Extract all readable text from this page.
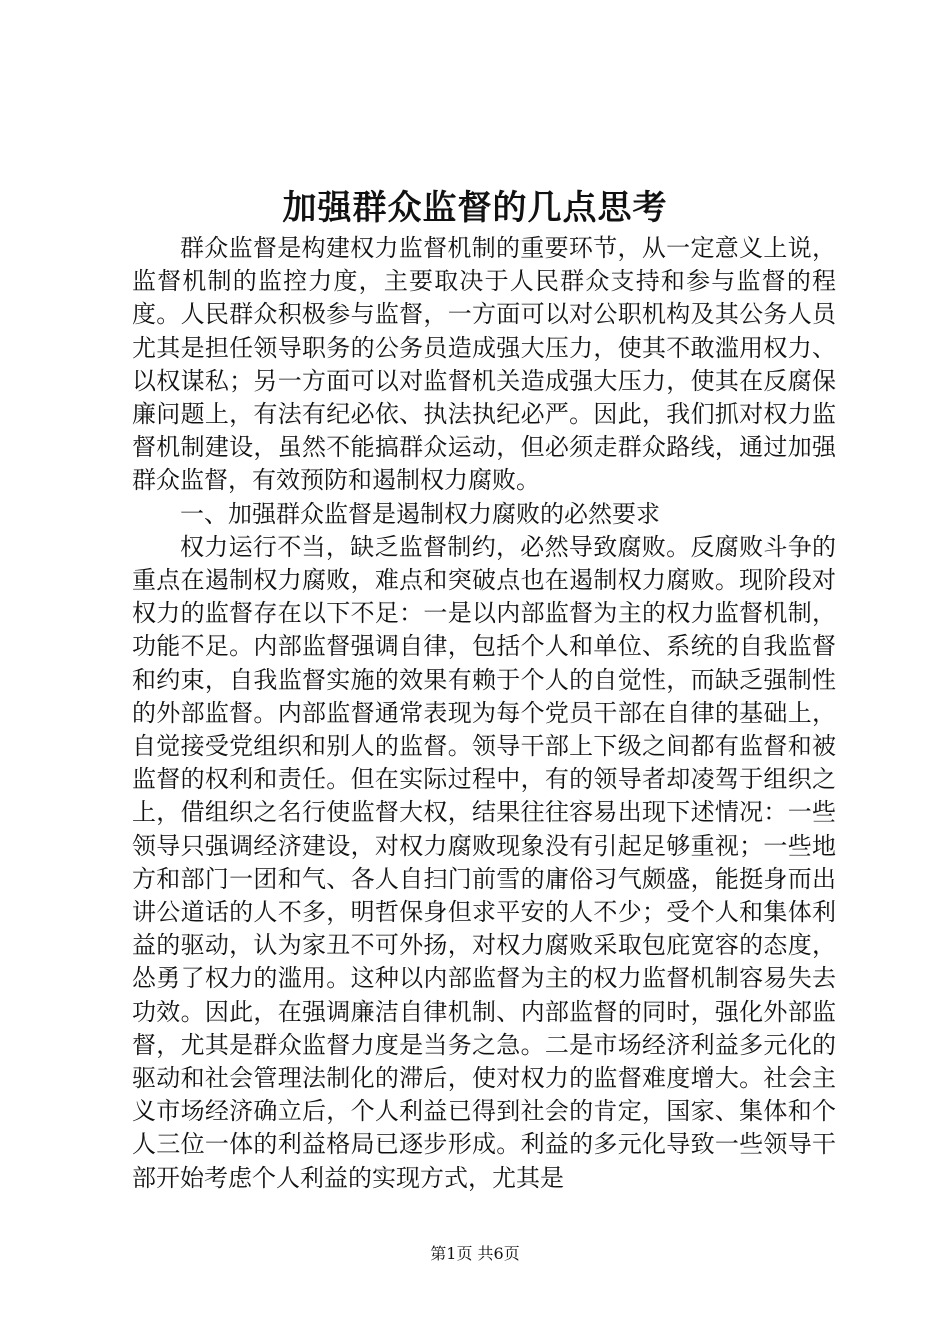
加强群众监督的几点思考

群众监督是构建权力监督机制的重要环节，从一定意义上说，监督机制的监控力度，主要取决于人民群众支持和参与监督的程度。人民群众积极参与监督，一方面可以对公职机构及其公务人员尤其是担任领导职务的公务员造成强大压力，使其不敢滥用权力、以权谋私；另一方面可以对监督机关造成强大压力，使其在反腐保廉问题上，有法有纪必依、执法执纪必严。因此，我们抓对权力监督机制建设，虽然不能搞群众运动，但必须走群众路线，通过加强群众监督，有效预防和遏制权力腐败。

一、加强群众监督是遏制权力腐败的必然要求

权力运行不当，缺乏监督制约，必然导致腐败。反腐败斗争的重点在遏制权力腐败，难点和突破点也在遏制权力腐败。现阶段对权力的监督存在以下不足：一是以内部监督为主的权力监督机制，功能不足。内部监督强调自律，包括个人和单位、系统的自我监督和约束，自我监督实施的效果有赖于个人的自觉性，而缺乏强制性的外部监督。内部监督通常表现为每个党员干部在自律的基础上，自觉接受党组织和别人的监督。领导干部上下级之间都有监督和被监督的权利和责任。但在实际过程中，有的领导者却凌驾于组织之上，借组织之名行使监督大权，结果往往容易出现下述情况：一些领导只强调经济建设，对权力腐败现象没有引起足够重视；一些地方和部门一团和气、各人自扫门前雪的庸俗习气颇盛，能挺身而出讲公道话的人不多，明哲保身但求平安的人不少；受个人和集体利益的驱动，认为家丑不可外扬，对权力腐败采取包庇宽容的态度，怂勇了权力的滥用。这种以内部监督为主的权力监督机制容易失去功效。因此，在强调廉洁自律机制、内部监督的同时，强化外部监督，尤其是群众监督力度是当务之急。二是市场经济利益多元化的驱动和社会管理法制化的滞后，使对权力的监督难度增大。社会主义市场经济确立后，个人利益已得到社会的肯定，国家、集体和个人三位一体的利益格局已逐步形成。利益的多元化导致一些领导干部开始考虑个人利益的实现方式，尤其是

第1页 共6页
